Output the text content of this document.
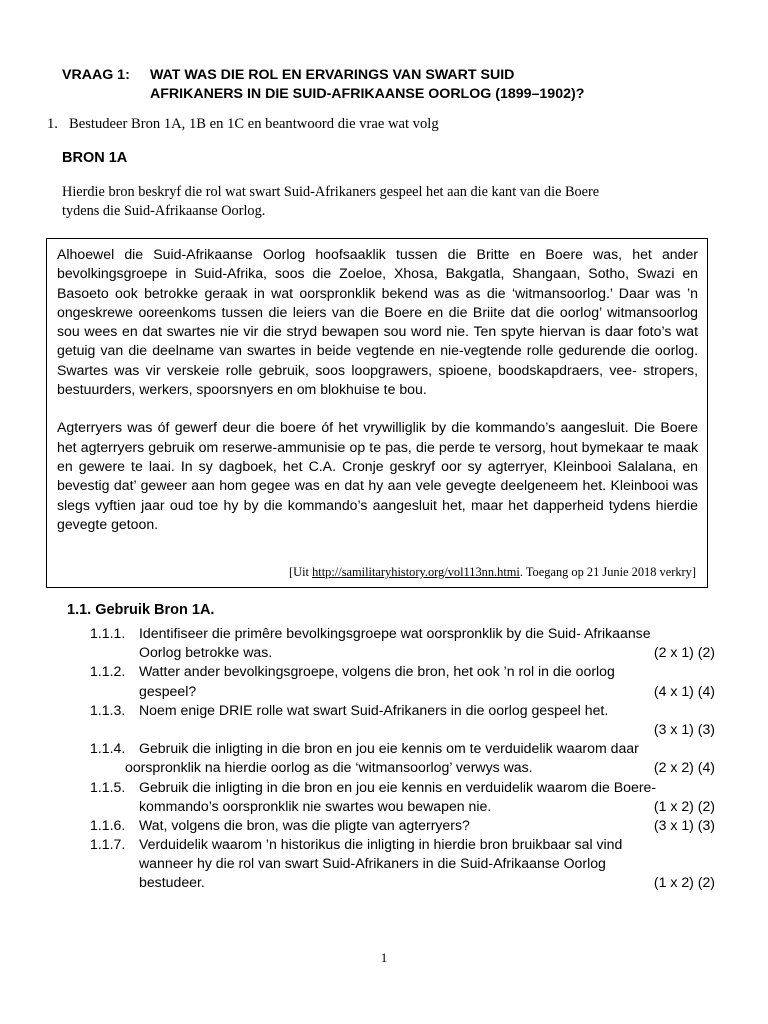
VRAAG 1: WAT WAS DIE ROL EN ERVARINGS VAN SWART SUID
AFRIKANERS IN DIE SUID-AFRIKAANSE OORLOG (1899–1902)?
1. Bestudeer Bron 1A, 1B en 1C en beantwoord die vrae wat volg
BRON 1A
Hierdie bron beskryf die rol wat swart Suid-Afrikaners gespeel het aan die kant van die Boere
tydens die Suid-Afrikaanse Oorlog.

Alhoewel die Suid-Afrikaanse Oorlog hoofsaaklik tussen die Britte en Boere was, het ander bevolkingsgroepe in Suid-Afrika, soos die Zoeloe, Xhosa, Bakgatla, Shangaan, Sotho, Swazi en Basoeto ook betrokke geraak in wat oorspronklik bekend was as die ‘witmansoorlog.’ Daar was ’n ongeskrewe ooreenkoms tussen die leiers van die Boere en die Briite dat die oorlog’ witmansoorlog sou wees en dat swartes nie vir die stryd bewapen sou word nie. Ten spyte hiervan is daar foto’s wat getuig van die deelname van swartes in beide vegtende en nie-vegtende rolle gedurende die oorlog. Swartes was vir verskeie rolle gebruik, soos loopgrawers, spioene, boodskapdraers, vee- stropers, bestuurders, werkers, spoorsnyers en om blokhuise te bou.

Agterryers was óf gewerf deur die boere óf het vrywilliglik by die kommando’s aangesluit. Die Boere het agterryers gebruik om reserwe-ammunisie op te pas, die perde te versorg, hout bymekaar te maak en gewere te laai. In sy dagboek, het C.A. Cronje geskryf oor sy agterryer, Kleinbooi Salalana, en bevestig dat’ geweer aan hom gegee was en dat hy aan vele gevegte deelgeneem het. Kleinbooi was slegs vyftien jaar oud toe hy by die kommando’s aangesluit het, maar het dapperheid tydens hierdie gevegte getoon.

[Uit http://samilitaryhistory.org/vol113nn.htmi. Toegang op 21 Junie 2018 verkry]
1.1. Gebruik Bron 1A.
1.1.1. Identifiseer die primêre bevolkingsgroepe wat oorspronklik by die Suid- Afrikaanse
Oorlog betrokke was.	(2 x 1) (2)
1.1.2. Watter ander bevolkingsgroepe, volgens die bron, het ook ’n rol in die oorlog
gespeel?	(4 x 1) (4)
1.1.3. Noem enige DRIE rolle wat swart Suid-Afrikaners in die oorlog gespeel het.
(3 x 1) (3)
1.1.4. Gebruik die inligting in die bron en jou eie kennis om te verduidelik waarom daar
oorspronklik na hierdie oorlog as die ‘witmansoorlog’ verwys was.	(2 x 2) (4)
1.1.5. Gebruik die inligting in die bron en jou eie kennis en verduidelik waarom die Boere-
kommando’s oorspronklik nie swartes wou bewapen nie.	(1 x 2) (2)
1.1.6. Wat, volgens die bron, was die pligte van agterryers?	(3 x 1) (3)
1.1.7. Verduidelik waarom ’n historikus die inligting in hierdie bron bruikbaar sal vind
wanneer hy die rol van swart Suid-Afrikaners in die Suid-Afrikaanse Oorlog
bestudeer.	(1 x 2) (2)
1
